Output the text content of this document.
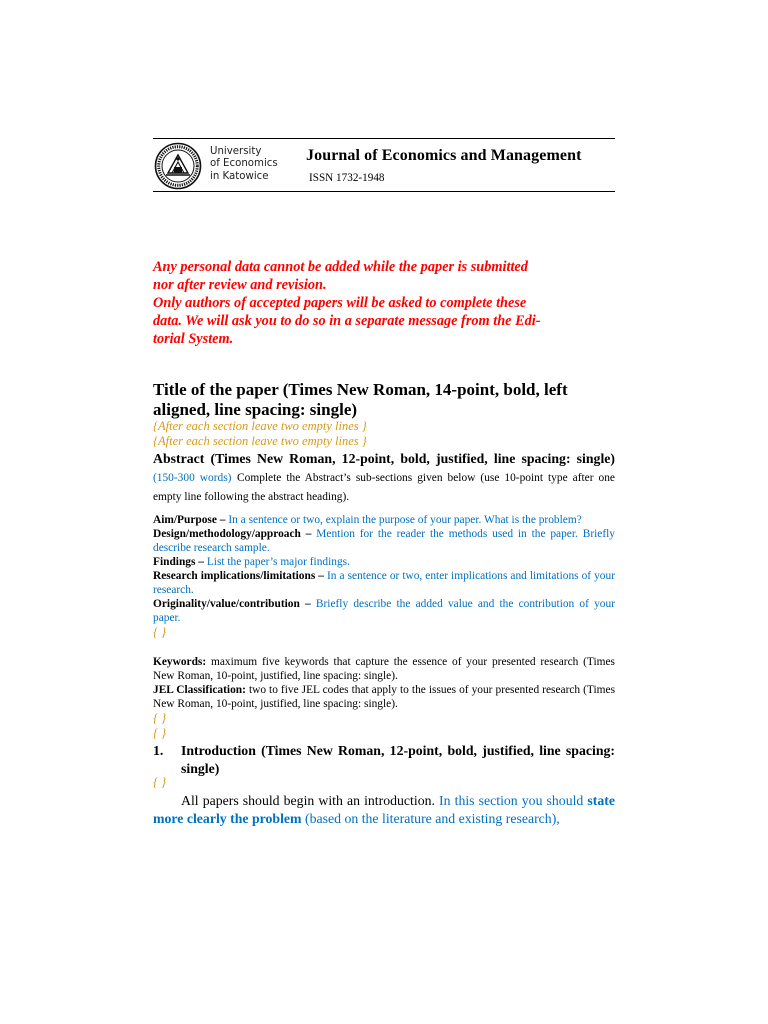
University
of Economics
in Katowice
Journal of Economics and Management
ISSN 1732-1948
Any personal data cannot be added while the paper is submitted
nor after review and revision.
Only authors of accepted papers will be asked to complete these
data. We will ask you to do so in a separate message from the Edi-
torial System.
Title of the paper (Times New Roman, 14-point, bold, left aligned, line spacing: single)
{After each section leave two empty lines }
{After each section leave two empty lines }
Abstract (Times New Roman, 12-point, bold, justified, line spacing: single) (150-300 words) Complete the Abstract’s sub-sections given below (use 10-point type after one empty line following the abstract heading).

Aim/Purpose – In a sentence or two, explain the purpose of your paper. What is the problem?

Design/methodology/approach – Mention for the reader the methods used in the paper. Briefly describe research sample.

Findings – List the paper’s major findings.

Research implications/limitations – In a sentence or two, enter implications and limitations of your research.

Originality/value/contribution – Briefly describe the added value and the contribution of your paper.

{ }

Keywords: maximum five keywords that capture the essence of your presented research (Times New Roman, 10-point, justified, line spacing: single).

JEL Classification: two to five JEL codes that apply to the issues of your presented research (Times New Roman, 10-point, justified, line spacing: single).

{ }
{ }
1. Introduction (Times New Roman, 12-point, bold, justified, line spacing: single)
{ }
All papers should begin with an introduction. In this section you should state more clearly the problem (based on the literature and existing research),
